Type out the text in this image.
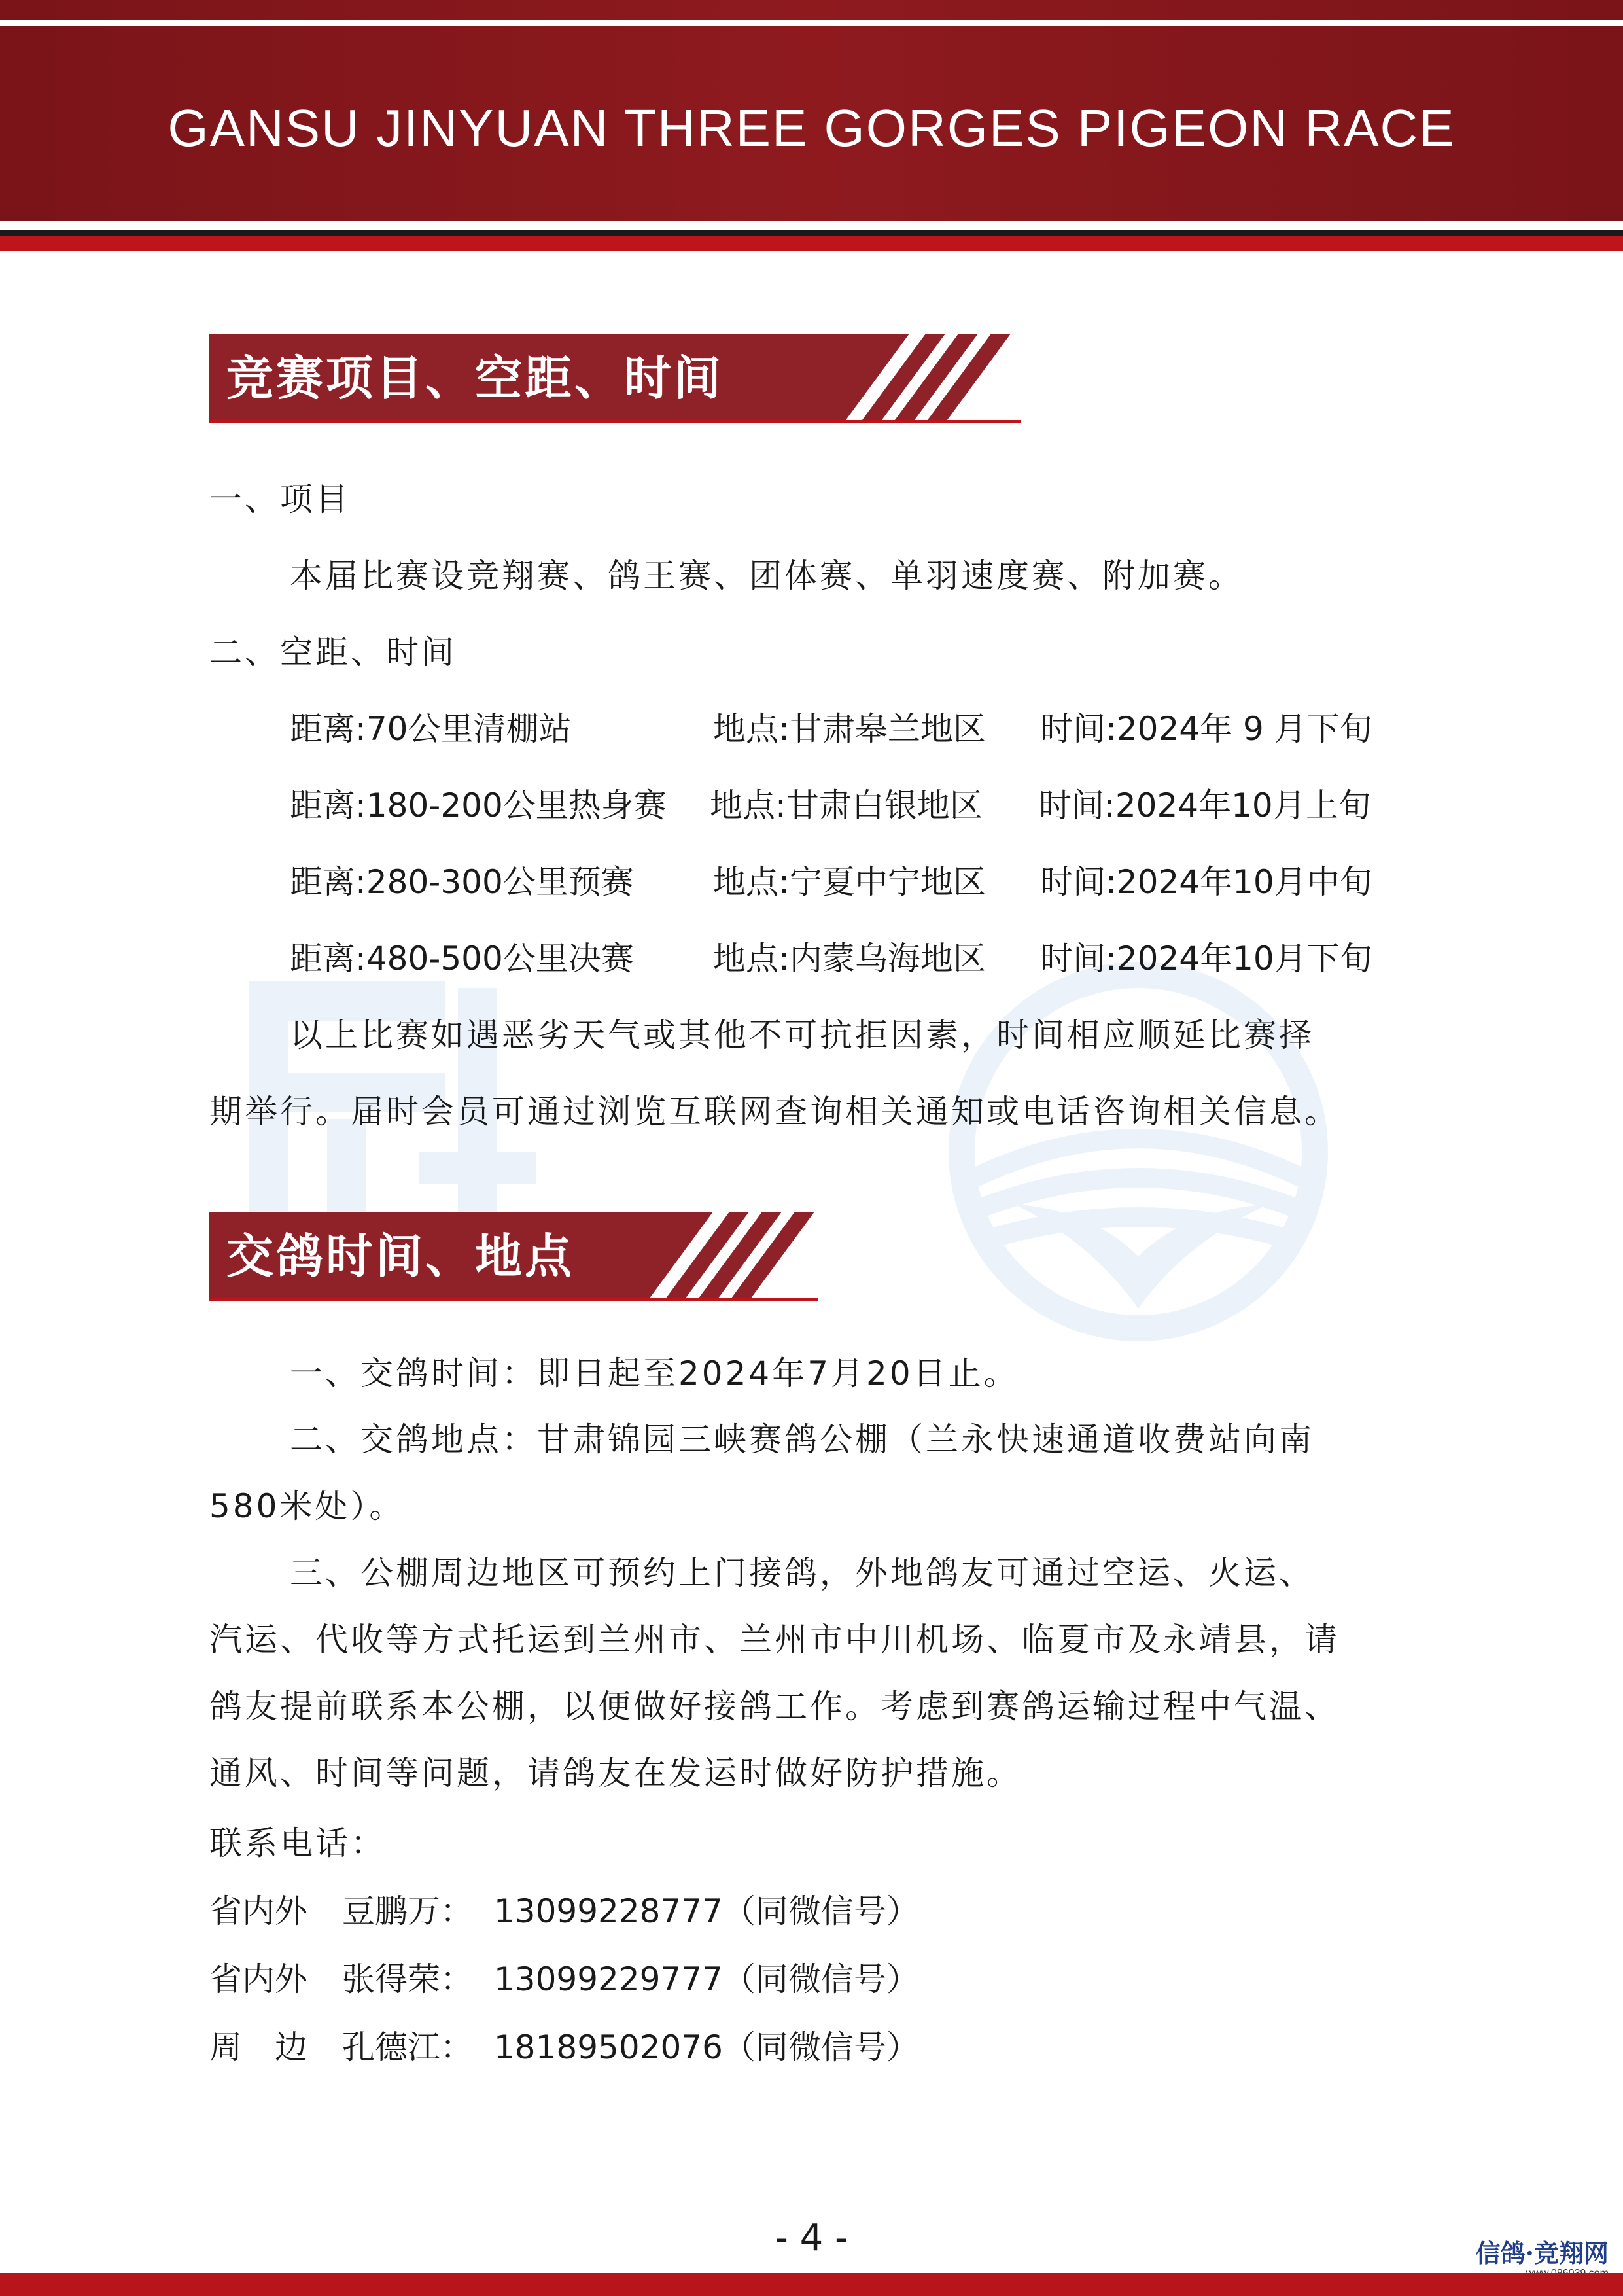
GANSU JINYUAN THREE GORGES PIGEON RACE
竞赛项目、空距、时间
一、项目
本届比赛设竞翔赛、鸽王赛、团体赛、单羽速度赛、附加赛。
二、空距、时间
距离:70公里清棚站	地点:甘肃皋兰地区 时间:2024年 9 月下旬
距离:180-200公里热身赛 地点:甘肃白银地区 时间:2024年10月上旬
距离:280-300公里预赛 地点:宁夏中宁地区 时间:2024年10月中旬
距离:480-500公里决赛 地点:内蒙乌海地区 时间:2024年10月下旬
以上比赛如遇恶劣天气或其他不可抗拒因素，时间相应顺延比赛择
期举行。届时会员可通过浏览互联网查询相关通知或电话咨询相关信息。
交鸽时间、地点
一、交鸽时间：即日起至2024年7月20日止。
二、交鸽地点：甘肃锦园三峡赛鸽公棚（兰永快速通道收费站向南
580米处）。
三、公棚周边地区可预约上门接鸽，外地鸽友可通过空运、火运、
汽运、代收等方式托运到兰州市、兰州市中川机场、临夏市及永靖县，请
鸽友提前联系本公棚，以便做好接鸽工作。考虑到赛鸽运输过程中气温、
通风、时间等问题，请鸽友在发运时做好防护措施。
联系电话：
省内外 豆鹏万： 13099228777（同微信号）
省内外 张得荣： 13099229777（同微信号）
周　边 孔德江： 18189502076（同微信号）
- 4 -	信鸽·竞翔网
